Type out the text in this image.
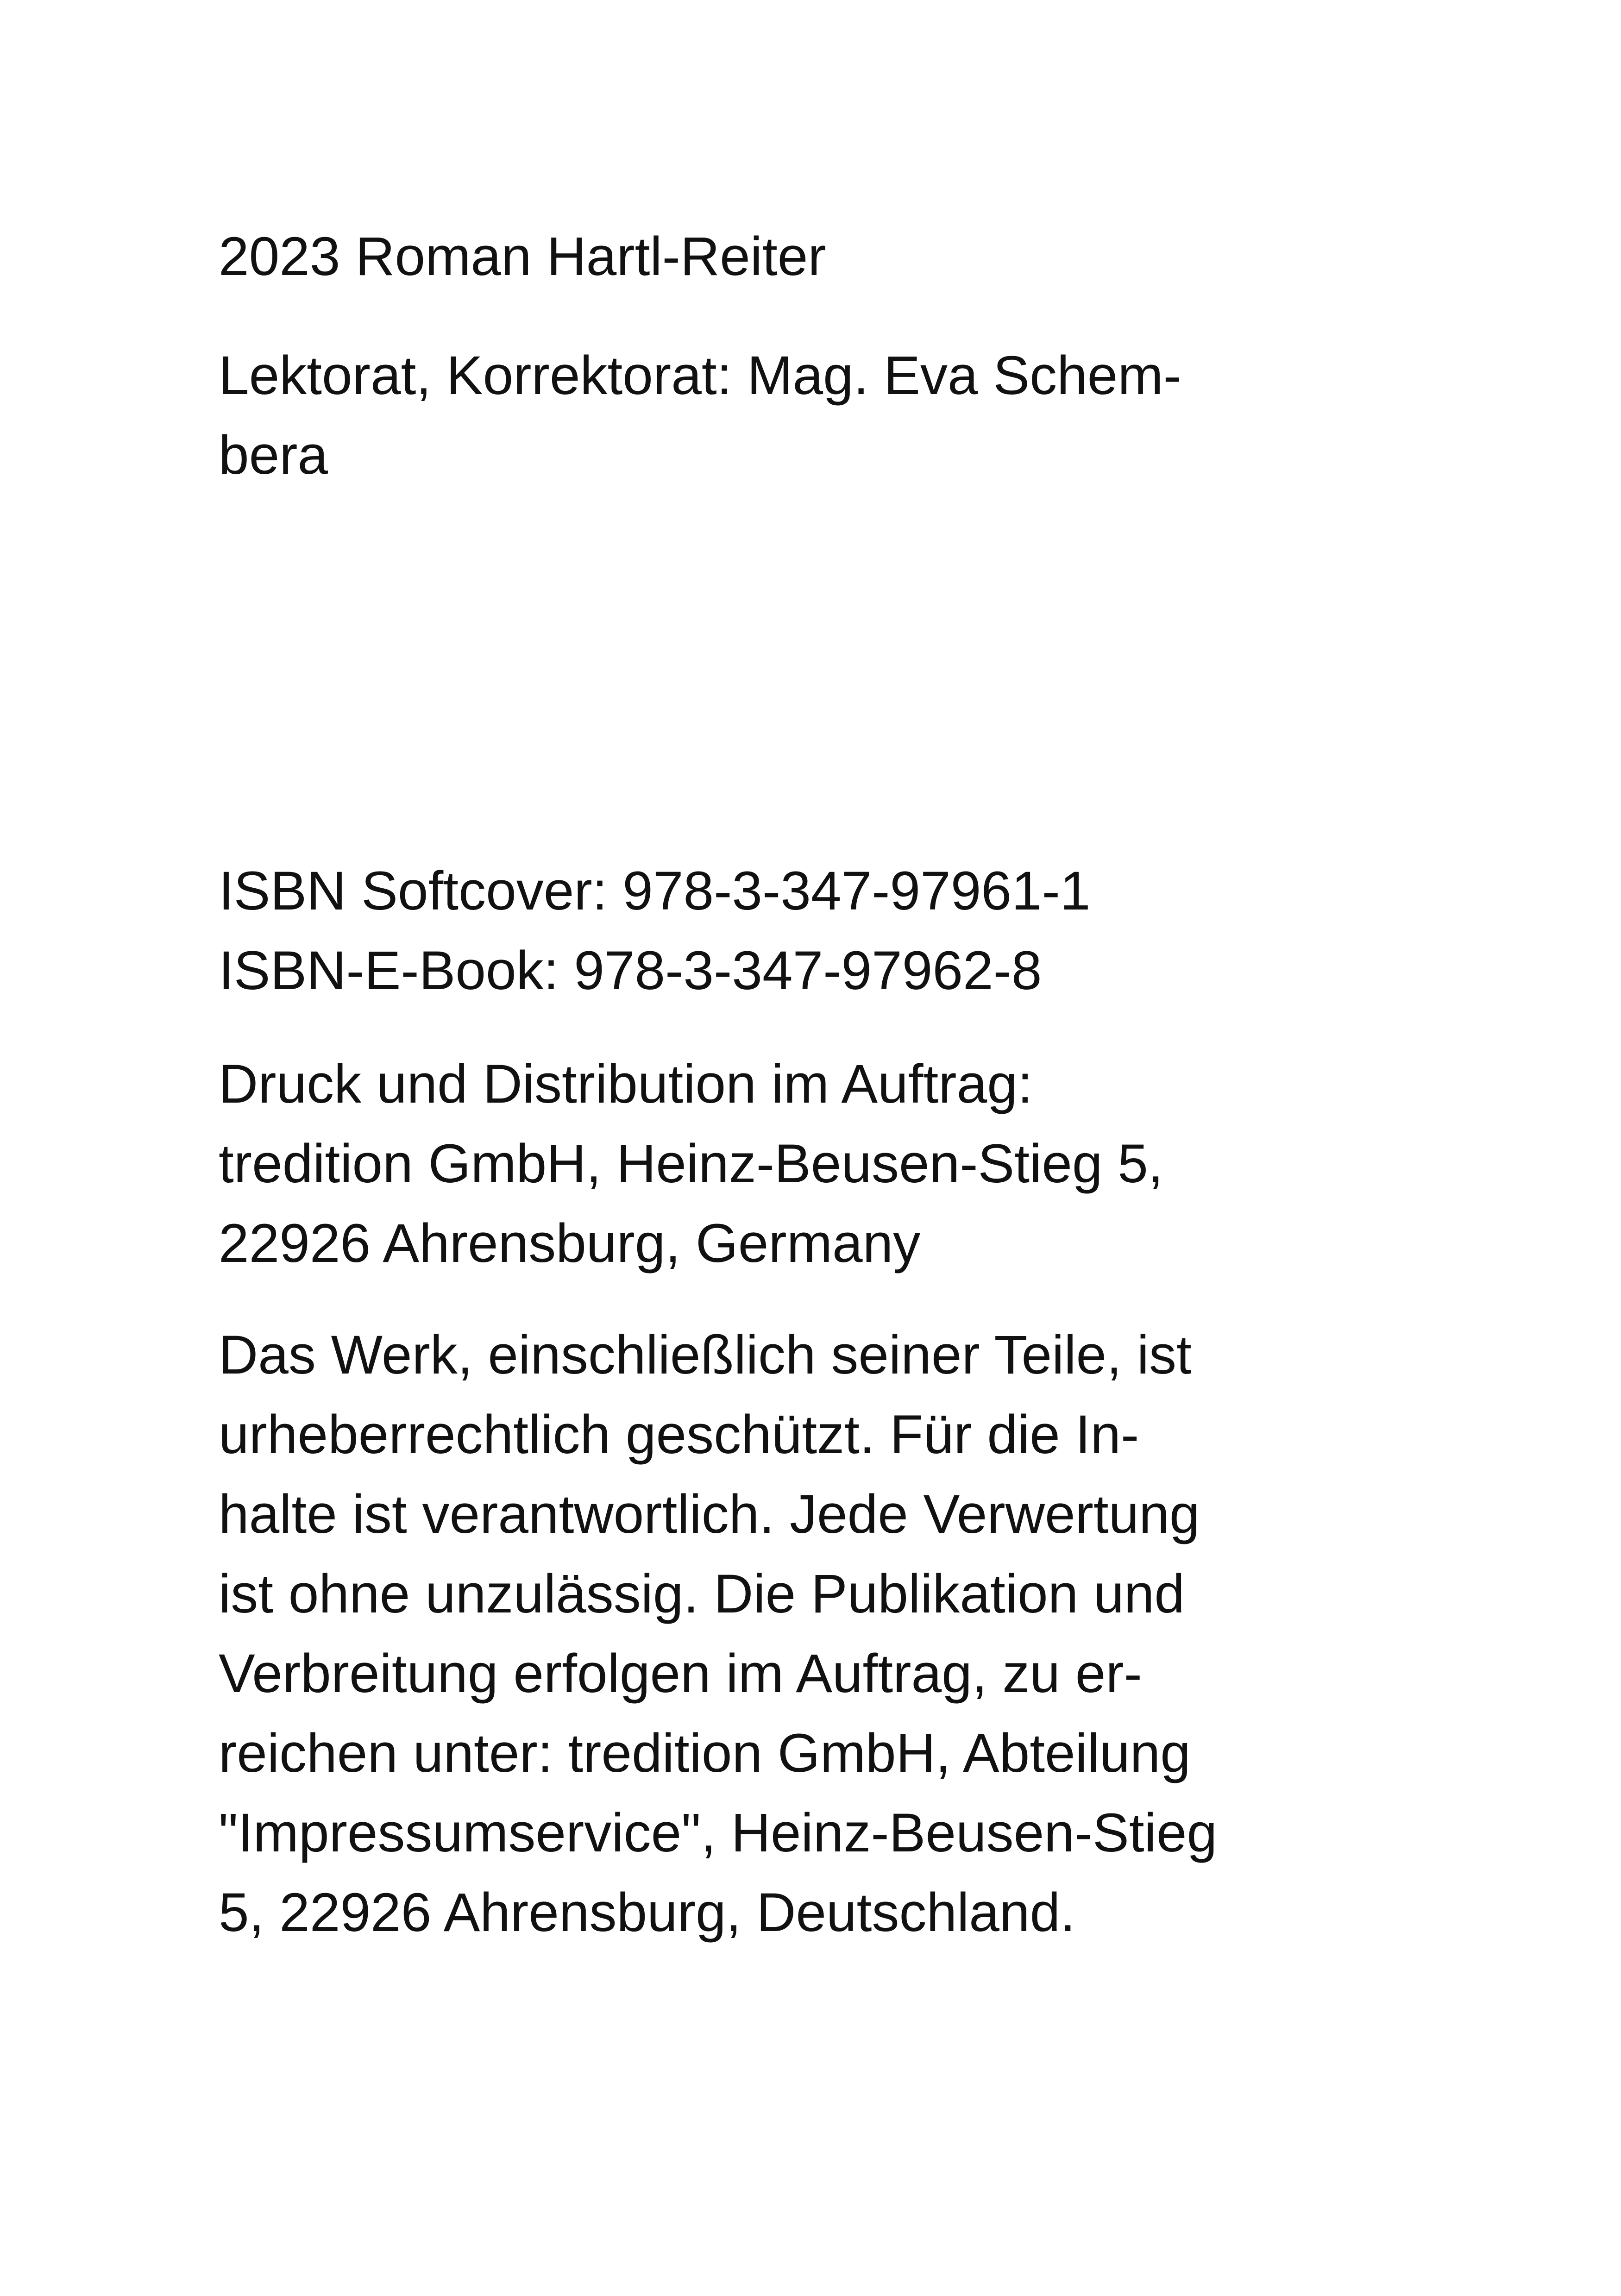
2023 Roman Hartl-Reiter

Lektorat, Korrektorat: Mag. Eva Schem-
bera

ISBN Softcover: 978-3-347-97961-1
ISBN-E-Book: 978-3-347-97962-8

Druck und Distribution im Auftrag:
tredition GmbH, Heinz-Beusen-Stieg 5,
22926 Ahrensburg, Germany

Das Werk, einschließlich seiner Teile, ist
urheberrechtlich geschützt. Für die In-
halte ist verantwortlich. Jede Verwertung
ist ohne unzulässig. Die Publikation und
Verbreitung erfolgen im Auftrag, zu er-
reichen unter: tredition GmbH, Abteilung
"Impressumservice", Heinz-Beusen-Stieg
5, 22926 Ahrensburg, Deutschland.
